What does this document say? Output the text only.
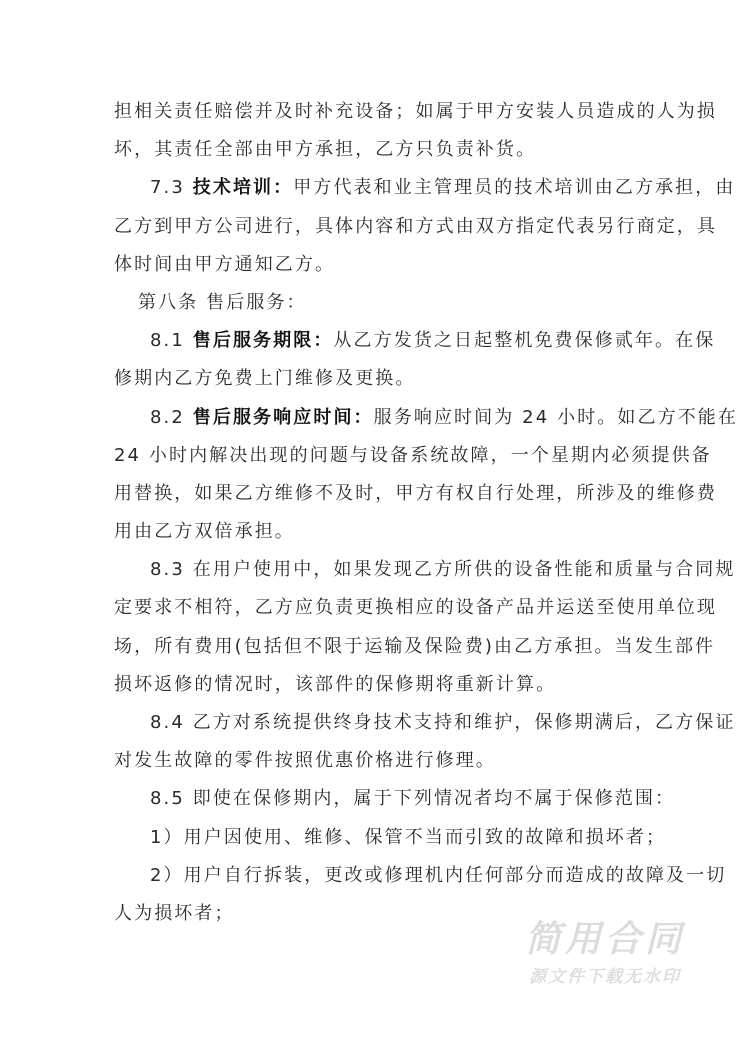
担相关责任赔偿并及时补充设备；如属于甲方安装人员造成的人为损
坏，其责任全部由甲方承担，乙方只负责补货。
7.3 技术培训：甲方代表和业主管理员的技术培训由乙方承担，由
乙方到甲方公司进行，具体内容和方式由双方指定代表另行商定，具
体时间由甲方通知乙方。
第八条 售后服务：
8.1 售后服务期限：从乙方发货之日起整机免费保修贰年。在保
修期内乙方免费上门维修及更换。
8.2 售后服务响应时间：服务响应时间为 24 小时。如乙方不能在
24 小时内解决出现的问题与设备系统故障，一个星期内必须提供备
用替换，如果乙方维修不及时，甲方有权自行处理，所涉及的维修费
用由乙方双倍承担。
8.3 在用户使用中，如果发现乙方所供的设备性能和质量与合同规
定要求不相符，乙方应负责更换相应的设备产品并运送至使用单位现
场，所有费用(包括但不限于运输及保险费)由乙方承担。当发生部件
损坏返修的情况时，该部件的保修期将重新计算。
8.4 乙方对系统提供终身技术支持和维护，保修期满后，乙方保证
对发生故障的零件按照优惠价格进行修理。
8.5 即使在保修期内，属于下列情况者均不属于保修范围：
1）用户因使用、维修、保管不当而引致的故障和损坏者；
2）用户自行拆装，更改或修理机内任何部分而造成的故障及一切
人为损坏者；
简用合同
源文件下载无水印
